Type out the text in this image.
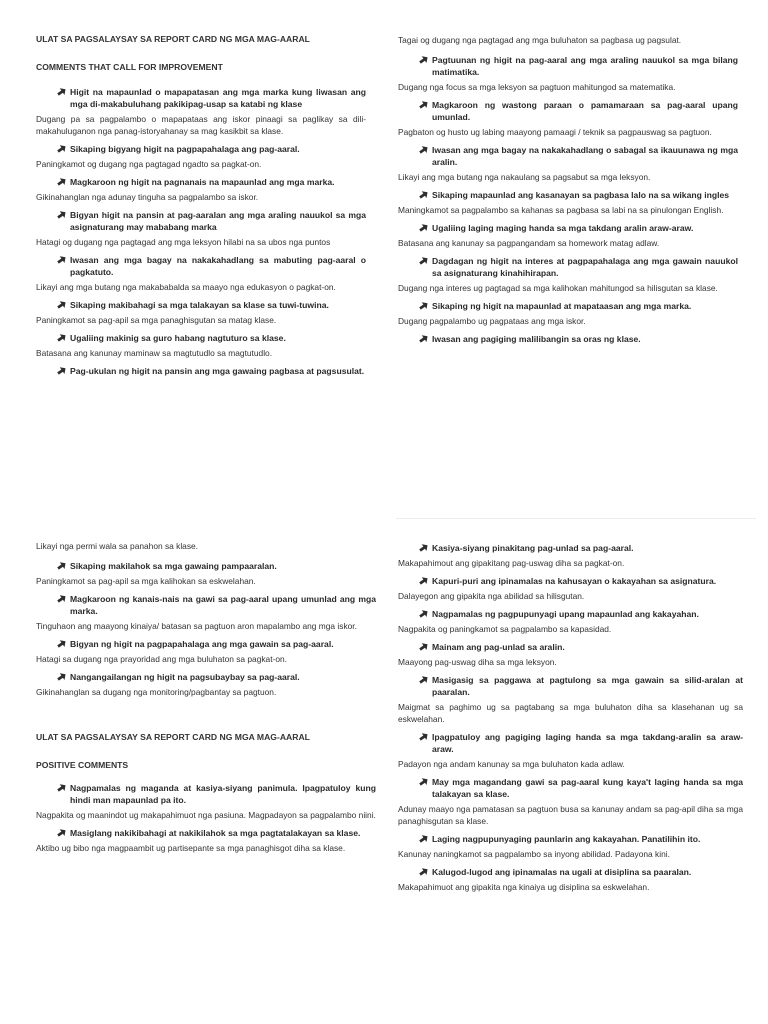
ULAT SA PAGSALAYSAY SA REPORT CARD NG MGA MAG-AARAL
COMMENTS THAT CALL FOR IMPROVEMENT
Higit na mapaunlad o mapapatasan ang mga marka kung liwasan ang mga di-makabuluhang pakikipag-usap sa katabi ng klase
Dugang pa sa pagpalambo o mapapataas ang iskor pinaagi sa paglikay sa dili-makahuluganon nga panag-istoryahanay sa mag kasikbit sa klase.
Sikaping bigyang higit na pagpapahalaga ang pag-aaral.
Paningkamot og dugang nga pagtagad ngadto sa pagkat-on.
Magkaroon ng higit na pagnanais na mapaunlad ang mga marka.
Gikinahanglan nga adunay tinguha sa pagpalambo sa iskor.
Bigyan higit na pansin at pag-aaralan ang mga araling nauukol sa mga asignaturang may mababang marka
Hatagi og dugang nga pagtagad ang mga leksyon hilabi na sa ubos nga puntos
Iwasan ang mga bagay na nakakahadlang sa mabuting pag-aaral o pagkatuto.
Likayi ang mga butang nga makababalda sa maayo nga edukasyon o pagkat-on.
Sikaping makibahagi sa mga talakayan sa klase sa tuwi-tuwina.
Paningkamot sa pag-apil sa mga panaghisgutan sa matag klase.
Ugaliing makinig sa guro habang nagtuturo sa klase.
Batasana ang kanunay maminaw sa magtutudlo sa magtutudlo.
Pag-ukulan ng higit na pansin ang mga gawaing pagbasa at pagsusulat.
Tagai og dugang nga pagtagad ang mga buluhaton sa pagbasa ug pagsulat.
Pagtuunan ng higit na pag-aaral ang mga araling nauukol sa mga bilang matimatika.
Dugang nga focus sa mga leksyon sa pagtuon mahitungod sa matematika.
Magkaroon ng wastong paraan o pamamaraan sa pag-aaral upang umunlad.
Pagbaton og husto ug labing maayong pamaagi / teknik sa pagpauswag sa pagtuon.
Iwasan ang mga bagay na nakakahadlang o sabagal sa ikauunawa ng mga aralin.
Likayi ang mga butang nga nakaulang sa pagsabut sa mga leksyon.
Sikaping mapaunlad ang kasanayan sa pagbasa lalo na sa wikang ingles
Maningkamot sa pagpalambo sa kahanas sa pagbasa sa labi na sa pinulongan English.
Ugaliing laging maging handa sa mga takdang aralin araw-araw.
Batasana ang kanunay sa pagpangandam sa homework matag adlaw.
Dagdagan ng higit na interes at pagpapahalaga ang mga gawain nauukol sa asignaturang kinahihirapan.
Dugang nga interes ug pagtagad sa mga kalihokan mahitungod sa hilisgutan sa klase.
Sikaping ng higit na mapaunlad at mapataasan ang mga marka.
Dugang pagpalambo ug pagpataas ang mga iskor.
Iwasan ang pagiging malilibangin sa oras ng klase.
Likayi nga permi wala sa panahon sa klase.
Sikaping makilahok sa mga gawaing pampaaralan.
Paningkamot sa pag-apil sa mga kalihokan sa eskwelahan.
Magkaroon ng kanais-nais na gawi sa pag-aaral upang umunlad ang mga marka.
Tinguhaon ang maayong kinaiya/ batasan sa pagtuon aron mapalambo ang mga iskor.
Bigyan ng higit na pagpapahalaga ang mga gawain sa pag-aaral.
Hatagi sa dugang nga prayoridad ang mga buluhaton sa pagkat-on.
Nangangailangan ng higit na pagsubaybay sa pag-aaral.
Gikinahanglan sa dugang nga monitoring/pagbantay sa pagtuon.
ULAT SA PAGSALAYSAY SA REPORT CARD NG MGA MAG-AARAL
POSITIVE COMMENTS
Nagpamalas ng maganda at kasiya-siyang panimula. Ipagpatuloy kung hindi man mapaunlad pa ito.
Nagpakita og maanindot ug makapahimuot nga pasiuna. Magpadayon sa pagpalambo niini.
Masiglang nakikibahagi at nakikilahok sa mga pagtatalakayan sa klase.
Aktibo ug bibo nga magpaambit ug partisepante sa mga panaghisgot diha sa klase.
Kasiya-siyang pinakitang pag-unlad sa pag-aaral.
Makapahimout ang gipakitang pag-uswag diha sa pagkat-on.
Kapuri-puri ang ipinamalas na kahusayan o kakayahan sa asignatura.
Dalayegon ang gipakita nga abilidad sa hilisgutan.
Nagpamalas ng pagpupunyagi upang mapaunlad ang kakayahan.
Nagpakita og paningkamot sa pagpalambo sa kapasidad.
Mainam ang pag-unlad sa aralin.
Maayong pag-uswag diha sa mga leksyon.
Masigasig sa paggawa at pagtulong sa mga gawain sa silid-aralan at paaralan.
Maigmat sa paghimo ug sa pagtabang sa mga buluhaton diha sa klasehanan ug sa eskwelahan.
Ipagpatuloy ang pagiging laging handa sa mga takdang-aralin sa araw-araw.
Padayon nga andam kanunay sa mga buluhaton kada adlaw.
May mga magandang gawi sa pag-aaral kung kaya't laging handa sa mga talakayan sa klase.
Adunay maayo nga pamatasan sa pagtuon busa sa kanunay andam sa pag-apil diha sa mga panaghisgutan sa klase.
Laging nagpupunyaging paunlarin ang kakayahan. Panatilihin ito.
Kanunay naningkamot sa pagpalambo sa inyong abilidad. Padayona kini.
Kalugod-lugod ang ipinamalas na ugali at disiplina sa paaralan.
Makapahimuot ang gipakita nga kinaiya ug disiplina sa eskwelahan.
